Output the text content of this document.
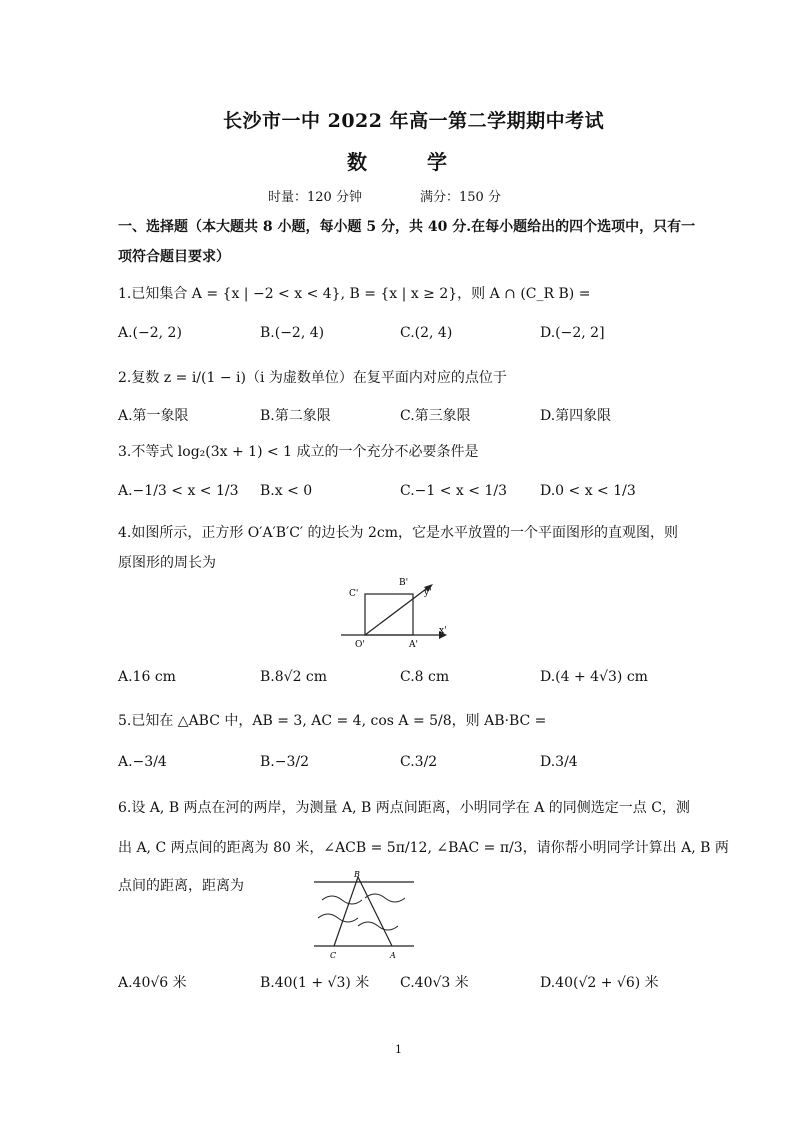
长沙市一中 2022 年高一第二学期期中考试
数	学
时量：120 分钟	满分：150 分
一、选择题（本大题共 8 小题，每小题 5 分，共 40 分.在每小题给出的四个选项中，只有一
项符合题目要求）
1.已知集合 A = {x | −2 < x < 4}, B = {x | x ≥ 2}，则 A ∩ (C_R B) =
A.(−2, 2)	B.(−2, 4)	C.(2, 4)	D.(−2, 2]
2.复数 z = i/(1 − i)（i 为虚数单位）在复平面内对应的点位于
A.第一象限	B.第二象限	C.第三象限	D.第四象限
3.不等式 log₂(3x + 1) < 1 成立的一个充分不必要条件是
A.−1/3 < x < 1/3 B.x < 0	C.−1 < x < 1/3 D.0 < x < 1/3
4.如图所示，正方形 O′A′B′C′ 的边长为 2cm，它是水平放置的一个平面图形的直观图，则
原图形的周长为
C'
B'
y'
O'	A'
x'
A.16 cm	B.8√2 cm	C.8 cm	D.(4 + 4√3) cm
5.已知在 △ABC 中，AB = 3, AC = 4, cos A = 5/8，则 AB·BC =
A.−3/4	B.−3/2	C.3/2	D.3/4
6.设 A, B 两点在河的两岸，为测量 A, B 两点间距离，小明同学在 A 的同侧选定一点 C，测
出 A, C 两点间的距离为 80 米，∠ACB = 5π/12, ∠BAC = π/3，请你帮小明同学计算出 A, B 两
点间的距离，距离为
B
C	A
A.40√6 米	B.40(1 + √3) 米 C.40√3 米	D.40(√2 + √6) 米
1
